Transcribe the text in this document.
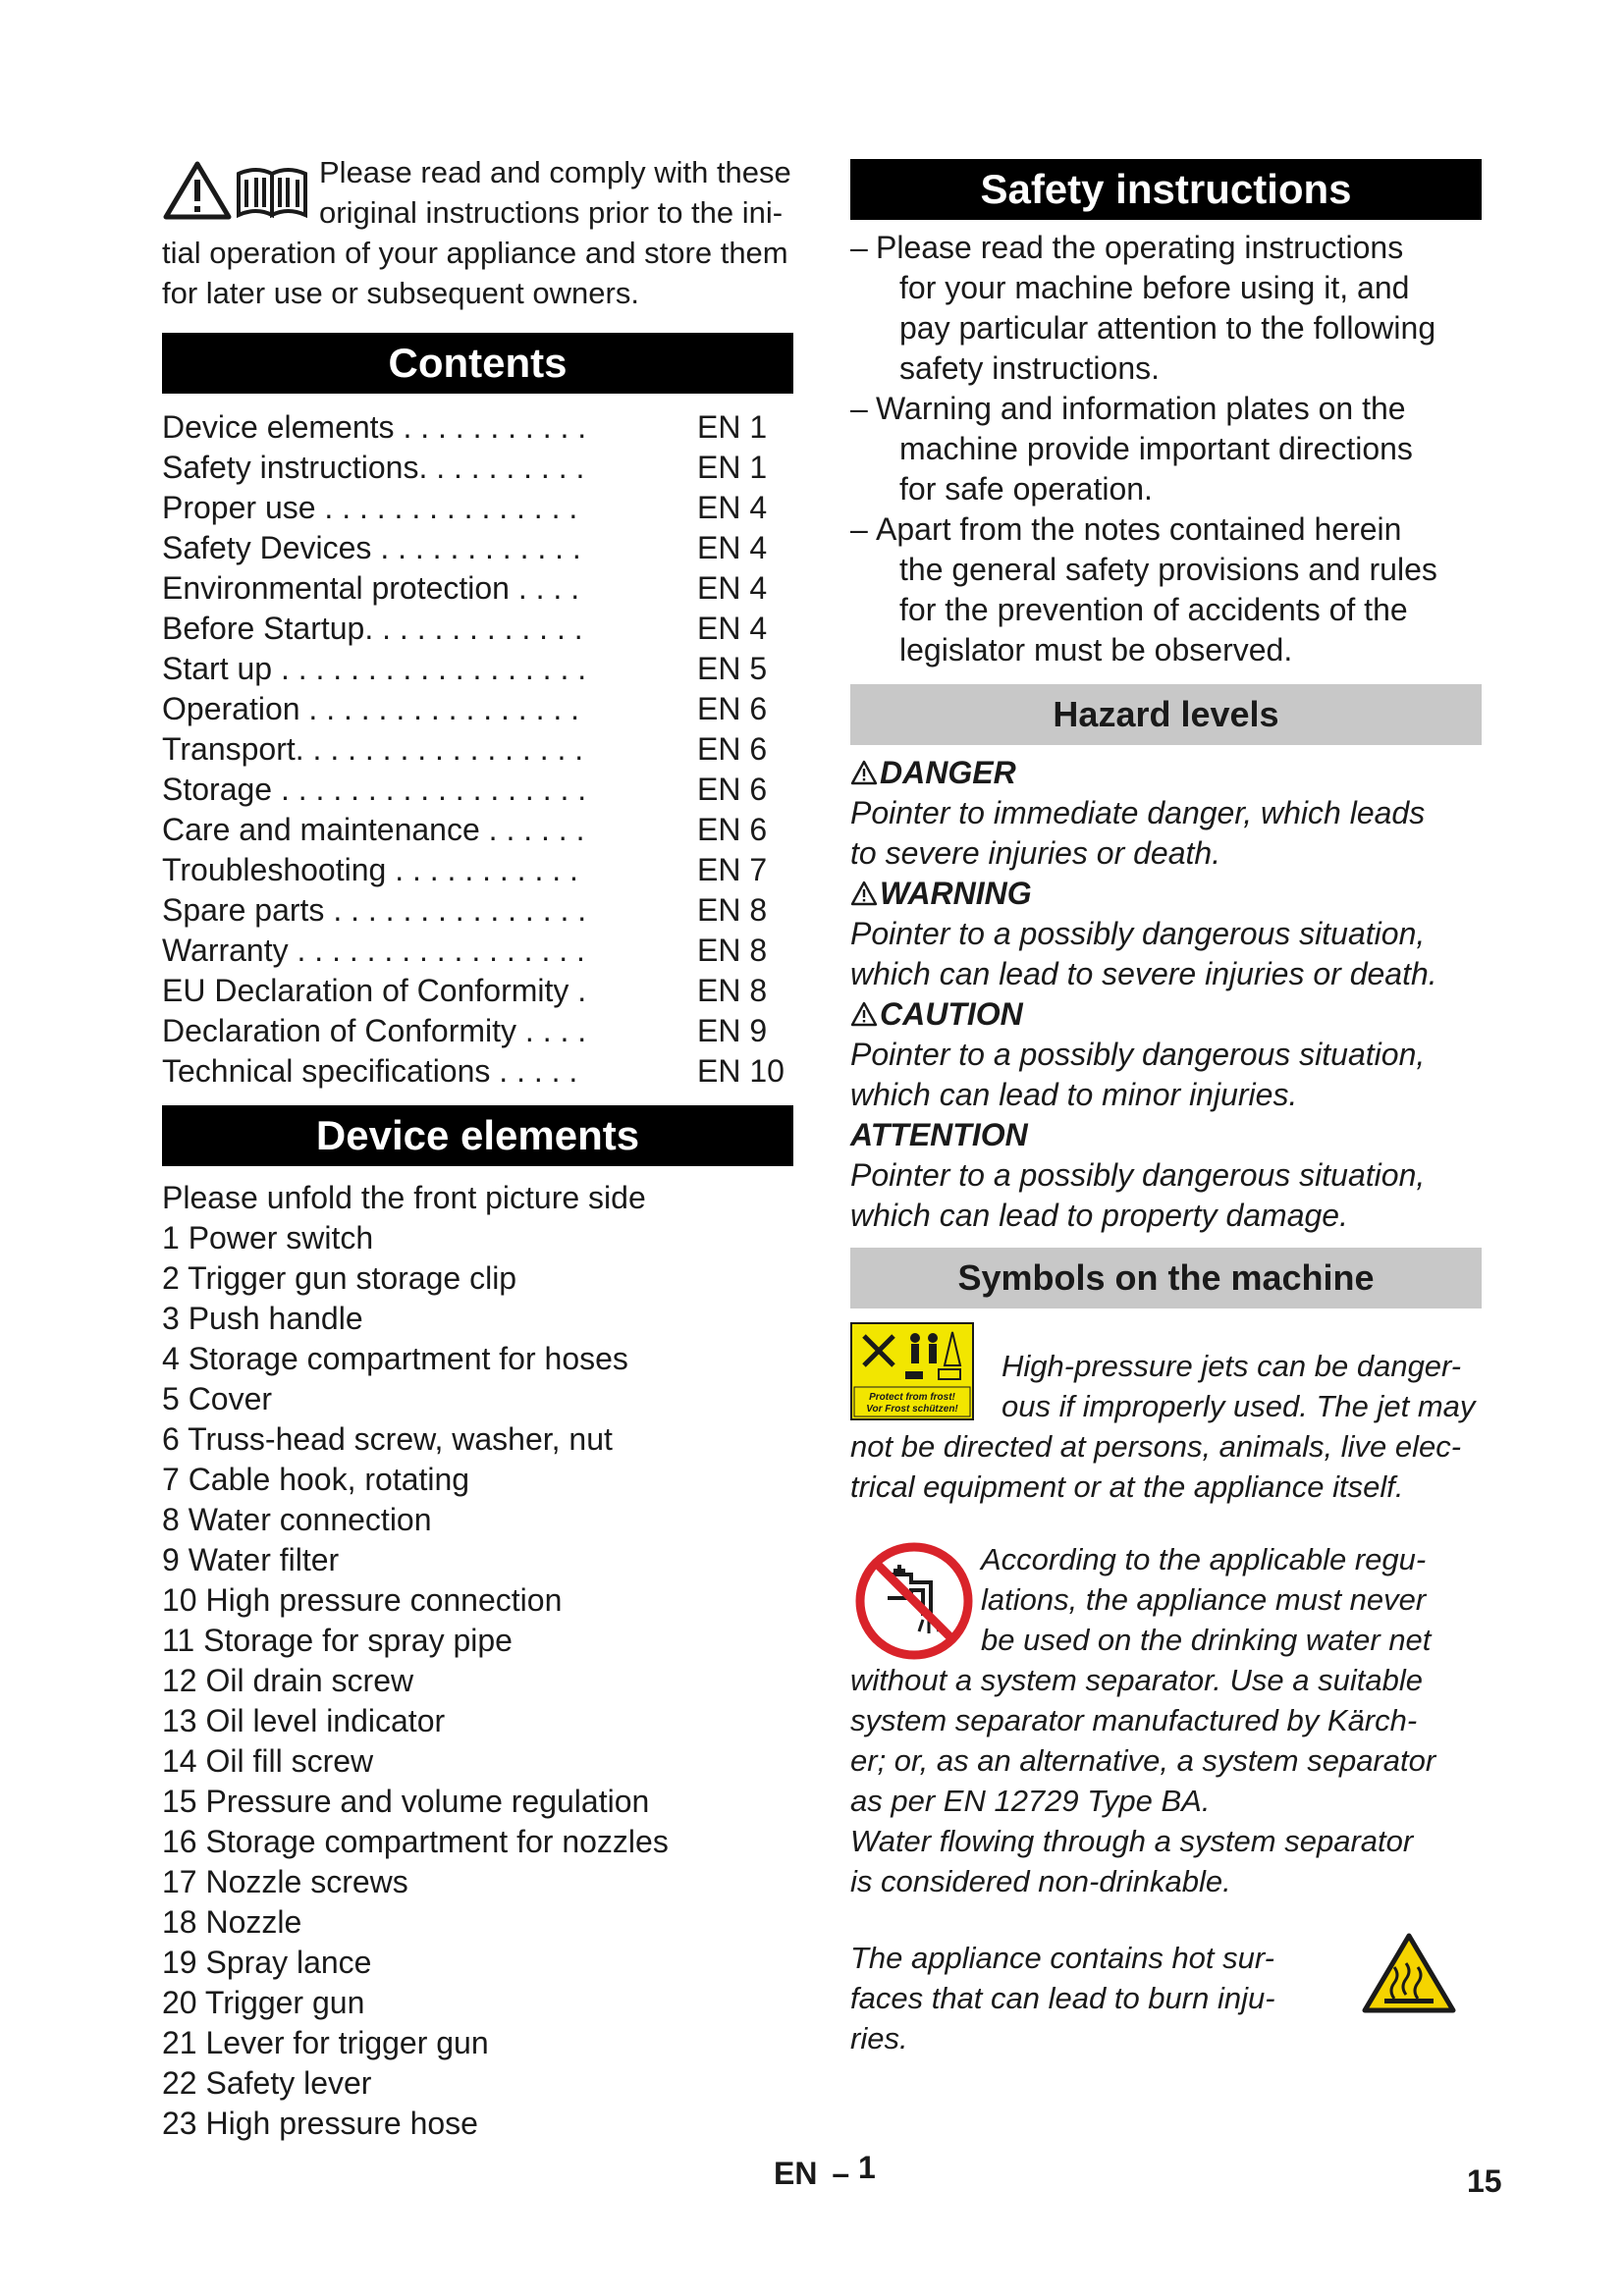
Please read and comply with these
original instructions prior to the ini-
tial operation of your appliance and store them
for later use or subsequent owners.
Contents
Device elements . . . . . . . . . . .	EN 1
Safety instructions. . . . . . . . . .	EN 1
Proper use . . . . . . . . . . . . . . .	EN 4
Safety Devices . . . . . . . . . . . .	EN 4
Environmental protection . . . .	EN 4
Before Startup. . . . . . . . . . . . .	EN 4
Start up . . . . . . . . . . . . . . . . . .	EN 5
Operation . . . . . . . . . . . . . . . .	EN 6
Transport. . . . . . . . . . . . . . . . .	EN 6
Storage . . . . . . . . . . . . . . . . . .	EN 6
Care and maintenance . . . . . .	EN 6
Troubleshooting . . . . . . . . . . .	EN 7
Spare parts . . . . . . . . . . . . . . .	EN 8
Warranty . . . . . . . . . . . . . . . . .	EN 8
EU Declaration of Conformity .	EN 8
Declaration of Conformity . . . .	EN 9
Technical specifications . . . . .	EN 10
Device elements
Please unfold the front picture side
1 Power switch
2 Trigger gun storage clip
3 Push handle
4 Storage compartment for hoses
5 Cover
6 Truss-head screw, washer, nut
7 Cable hook, rotating
8 Water connection
9 Water filter
10 High pressure connection
11 Storage for spray pipe
12 Oil drain screw
13 Oil level indicator
14 Oil fill screw
15 Pressure and volume regulation
16 Storage compartment for nozzles
17 Nozzle screws
18 Nozzle
19 Spray lance
20 Trigger gun
21 Lever for trigger gun
22 Safety lever
23 High pressure hose
Safety instructions
– Please read the operating instructions
for your machine before using it, and
pay particular attention to the following
safety instructions.
– Warning and information plates on the
machine provide important directions
for safe operation.
– Apart from the notes contained herein
the general safety provisions and rules
for the prevention of accidents of the
legislator must be observed.
Hazard levels
DANGER
Pointer to immediate danger, which leads
to severe injuries or death.
WARNING
Pointer to a possibly dangerous situation,
which can lead to severe injuries or death.
CAUTION
Pointer to a possibly dangerous situation,
which can lead to minor injuries.
ATTENTION
Pointer to a possibly dangerous situation,
which can lead to property damage.
Symbols on the machine
Protect from frost!
Vor Frost schützen!
High-pressure jets can be danger-
ous if improperly used. The jet may
not be directed at persons, animals, live elec-
trical equipment or at the appliance itself.
According to the applicable regu-
lations, the appliance must never
be used on the drinking water net
without a system separator. Use a suitable
system separator manufactured by Kärch-
er; or, as an alternative, a system separator
as per EN 12729 Type BA.
Water flowing through a system separator
is considered non-drinkable.
The appliance contains hot sur-
faces that can lead to burn inju-
ries.
EN – 1	15
